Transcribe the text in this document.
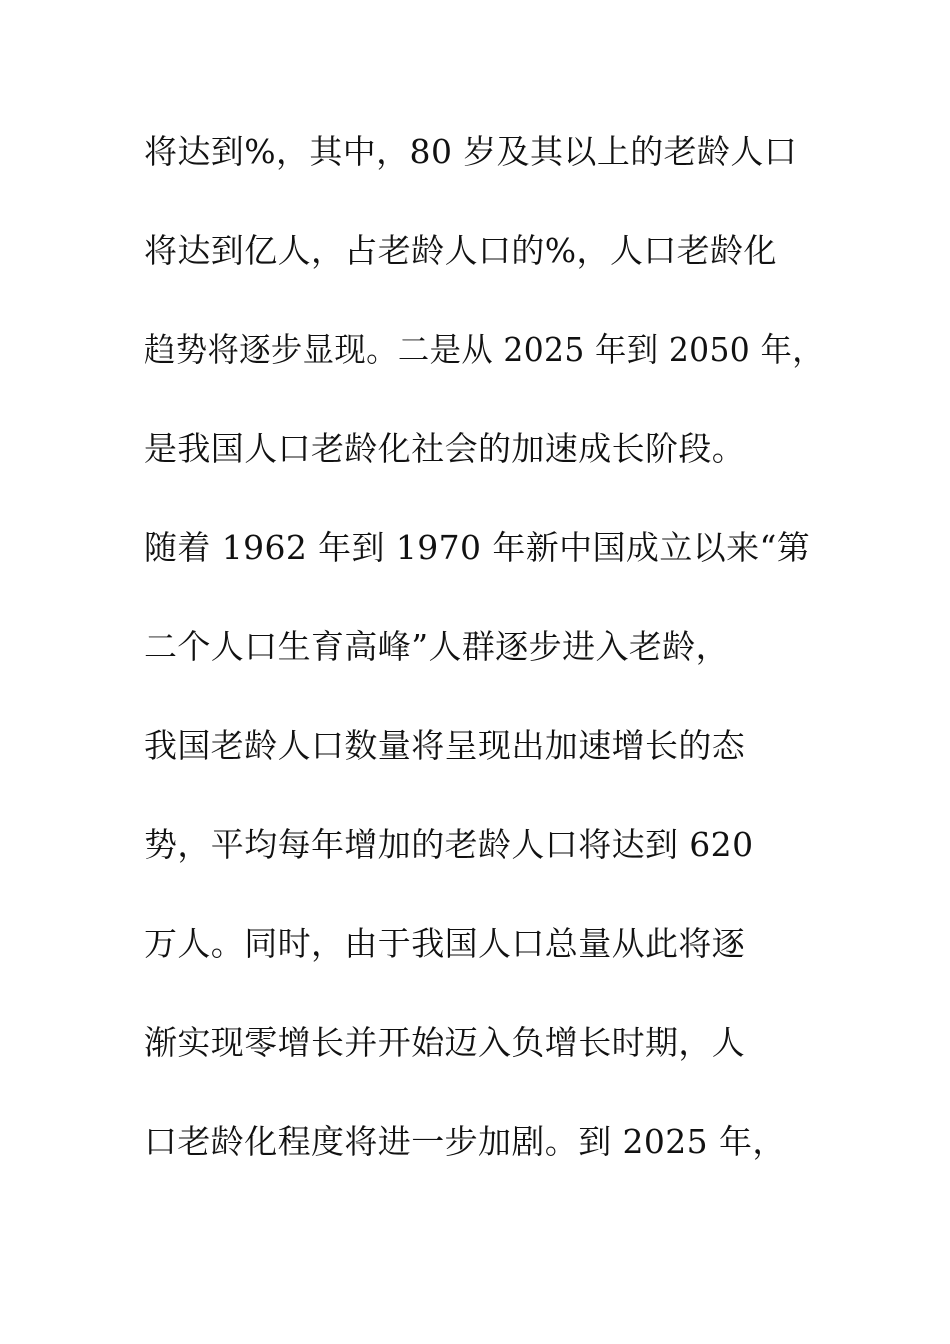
将达到%，其中，80 岁及其以上的老龄人口
将达到亿人，占老龄人口的%，人口老龄化
趋势将逐步显现。二是从 2025 年到 2050 年，
是我国人口老龄化社会的加速成长阶段。
随着 1962 年到 1970 年新中国成立以来“第
二个人口生育高峰”人群逐步进入老龄，
我国老龄人口数量将呈现出加速增长的态
势，平均每年增加的老龄人口将达到 620
万人。同时，由于我国人口总量从此将逐
渐实现零增长并开始迈入负增长时期，人
口老龄化程度将进一步加剧。到 2025 年，
